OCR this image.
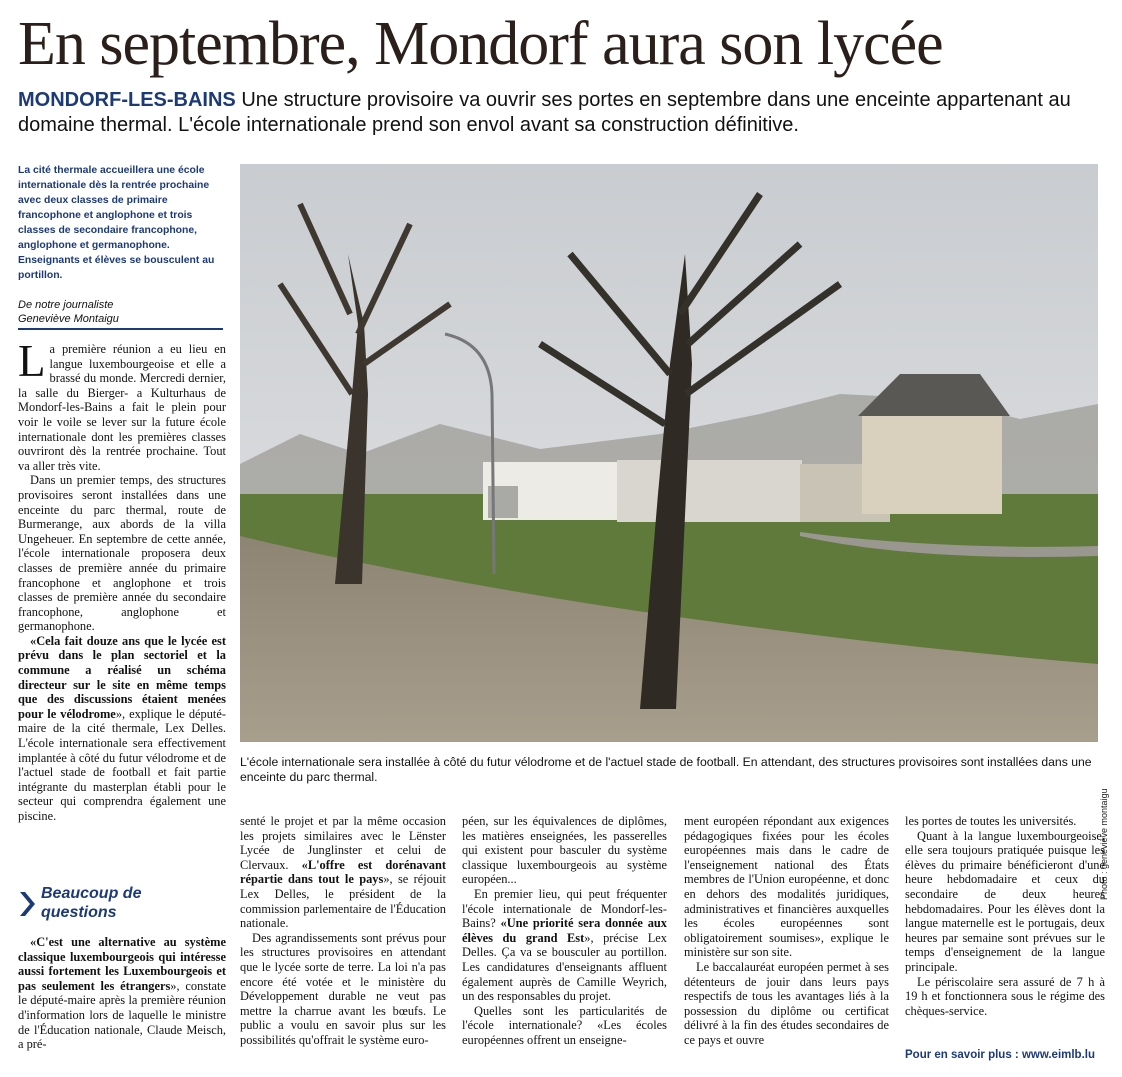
En septembre, Mondorf aura son lycée
MONDORF-LES-BAINS Une structure provisoire va ouvrir ses portes en septembre dans une enceinte appartenant au domaine thermal. L'école internationale prend son envol avant sa construction définitive.
La cité thermale accueillera une école internationale dès la rentrée prochaine avec deux classes de primaire francophone et anglophone et trois classes de secondaire francophone, anglophone et germanophone. Enseignants et élèves se bousculent au portillon.
De notre journaliste
Geneviève Montaigu

La première réunion a eu lieu en langue luxembourgeoise et elle a brassé du monde. Mercredi dernier, la salle du Bierger- a Kulturhaus de Mondorf-les-Bains a fait le plein pour voir le voile se lever sur la future école internationale dont les premières classes ouvriront dès la rentrée prochaine. Tout va aller très vite.

Dans un premier temps, des structures provisoires seront installées dans une enceinte du parc thermal, route de Burmerange, aux abords de la villa Ungeheuer. En septembre de cette année, l'école internationale proposera deux classes de première année du primaire francophone et anglophone et trois classes de première année du secondaire francophone, anglophone et germanophone.

«Cela fait douze ans que le lycée est prévu dans le plan sectoriel et la commune a réalisé un schéma directeur sur le site en même temps que des discussions étaient menées pour le vélodrome», explique le député-maire de la cité thermale, Lex Delles. L'école internationale sera effectivement implantée à côté du futur vélodrome et de l'actuel stade de football et fait partie intégrante du masterplan établi pour le secteur qui comprendra également une piscine.

Beaucoup de questions

«C'est une alternative au système classique luxembourgeois qui intéresse aussi fortement les Luxembourgeois et pas seulement les étrangers», constate le député-maire après la première réunion d'information lors de laquelle le ministre de l'Éducation nationale, Claude Meisch, a pré-

Photo : geneviève montaigu
L'école internationale sera installée à côté du futur vélodrome et de l'actuel stade de football. En attendant, des structures provisoires sont installées dans une enceinte du parc thermal.

senté le projet et par la même occasion les projets similaires avec le Lënster Lycée de Junglinster et celui de Clervaux. «L'offre est dorénavant répartie dans tout le pays», se réjouit Lex Delles, le président de la commission parlementaire de l'Éducation nationale.

Des agrandissements sont prévus pour les structures provisoires en attendant que le lycée sorte de terre. La loi n'a pas encore été votée et le ministère du Développement durable ne veut pas mettre la charrue avant les bœufs. Le public a voulu en savoir plus sur les possibilités qu'offrait le système euro-

péen, sur les équivalences de diplômes, les matières enseignées, les passerelles qui existent pour basculer du système classique luxembourgeois au système européen...

En premier lieu, qui peut fréquenter l'école internationale de Mondorf-les-Bains? «Une priorité sera donnée aux élèves du grand Est», précise Lex Delles. Ça va se bousculer au portillon. Les candidatures d'enseignants affluent également auprès de Camille Weyrich, un des responsables du projet.

Quelles sont les particularités de l'école internationale? «Les écoles européennes offrent un enseigne-

ment européen répondant aux exigences pédagogiques fixées pour les écoles européennes mais dans le cadre de l'enseignement national des États membres de l'Union européenne, et donc en dehors des modalités juridiques, administratives et financières auxquelles les écoles européennes sont obligatoirement soumises», explique le ministère sur son site.

Le baccalauréat européen permet à ses détenteurs de jouir dans leurs pays respectifs de tous les avantages liés à la possession du diplôme ou certificat délivré à la fin des études secondaires de ce pays et ouvre

les portes de toutes les universités.

Quant à la langue luxembourgeoise, elle sera toujours pratiquée puisque les élèves du primaire bénéficieront d'une heure hebdomadaire et ceux du secondaire de deux heures hebdomadaires. Pour les élèves dont la langue maternelle est le portugais, deux heures par semaine sont prévues sur le temps d'enseignement de la langue principale.

Le périscolaire sera assuré de 7 h à 19 h et fonctionnera sous le régime des chèques-service.

Pour en savoir plus : www.eimlb.lu
